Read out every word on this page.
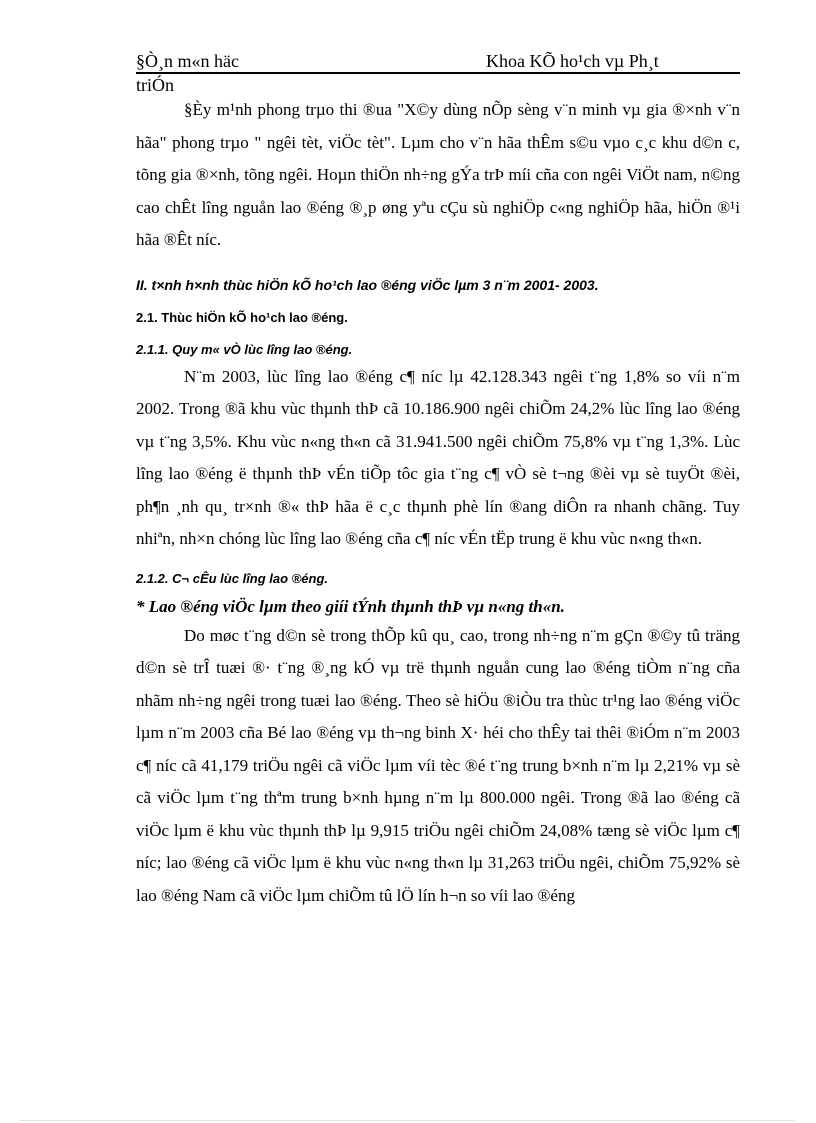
§Ò¸n m«n häc	Khoa KÕ ho¹ch vµ Ph¸t
triÓn

§Èy m¹nh phong trµo thi ®ua "X©y dùng nÕp sèng v¨n minh vµ gia ®×nh v¨n hãa" phong trµo " ngêi tèt, viÖc tèt". Lµm cho v¨n hãa thÊm s©u vµo c¸c khu d©n c, tõng gia ®×nh, tõng ngêi. Hoµn thiÖn nh÷ng gÝa trÞ míi cña con ngêi ViÖt nam, n©ng cao chÊt lîng nguån lao ®éng ®¸p øng yªu cÇu sù nghiÖp c«ng nghiÖp hãa, hiÖn ®¹i hãa ®Êt níc.

II. t×nh h×nh thùc hiÖn kÕ ho¹ch lao ®éng viÖc lµm 3 n¨m 2001- 2003.
2.1. Thùc hiÖn kÕ ho¹ch lao ®éng.
2.1.1. Quy m« vÒ lùc lîng lao ®éng.

N¨m 2003, lùc lîng lao ®éng c¶ níc lµ 42.128.343 ngêi t¨ng 1,8% so víi n¨m 2002. Trong ®ã khu vùc thµnh thÞ cã 10.186.900 ngêi chiÕm 24,2% lùc lîng lao ®éng vµ t¨ng 3,5%. Khu vùc n«ng th«n cã 31.941.500 ngêi chiÕm 75,8% vµ t¨ng 1,3%. Lùc lîng lao ®éng ë thµnh thÞ vÉn tiÕp tôc gia t¨ng c¶ vÒ sè t¬ng ®èi vµ sè tuyÖt ®èi, ph¶n ¸nh qu¸ tr×nh ®« thÞ hãa ë c¸c thµnh phè lín ®ang diÔn ra nhanh chãng. Tuy nhiªn, nh×n chóng lùc lîng lao ®éng cña c¶ níc vÉn tËp trung ë khu vùc n«ng th«n.

2.1.2. C¬ cÊu lùc lîng lao ®éng.
* Lao ®éng viÖc lµm theo giíi tÝnh thµnh thÞ vµ n«ng th«n.

Do møc t¨ng d©n sè trong thÕp kû qu¸ cao, trong nh÷ng n¨m gÇn ®©y tû träng d©n sè trÎ tuæi ®· t¨ng ®¸ng kÓ vµ trë thµnh nguån cung lao ®éng tiÒm n¨ng cña nhãm nh÷ng ngêi trong tuæi lao ®éng. Theo sè hiÖu ®iÒu tra thùc tr¹ng lao ®éng viÖc lµm n¨m 2003 cña Bé lao ®éng vµ th¬ng binh X· héi cho thÊy tai thêi ®iÓm n¨m 2003 c¶ níc cã 41,179 triÖu ngêi cã viÖc lµm víi tèc ®é t¨ng trung b×nh n¨m lµ 2,21% vµ sè cã viÖc lµm t¨ng thªm trung b×nh hµng n¨m lµ 800.000 ngêi. Trong ®ã lao ®éng cã viÖc lµm ë khu vùc thµnh thÞ lµ 9,915 triÖu ngêi chiÕm 24,08% tæng sè viÖc lµm c¶ níc; lao ®éng cã viÖc lµm ë khu vùc n«ng th«n lµ 31,263 triÖu ngêi, chiÕm 75,92% sè lao ®éng Nam cã viÖc lµm chiÕm tû lÖ lín h¬n so víi lao ®éng
